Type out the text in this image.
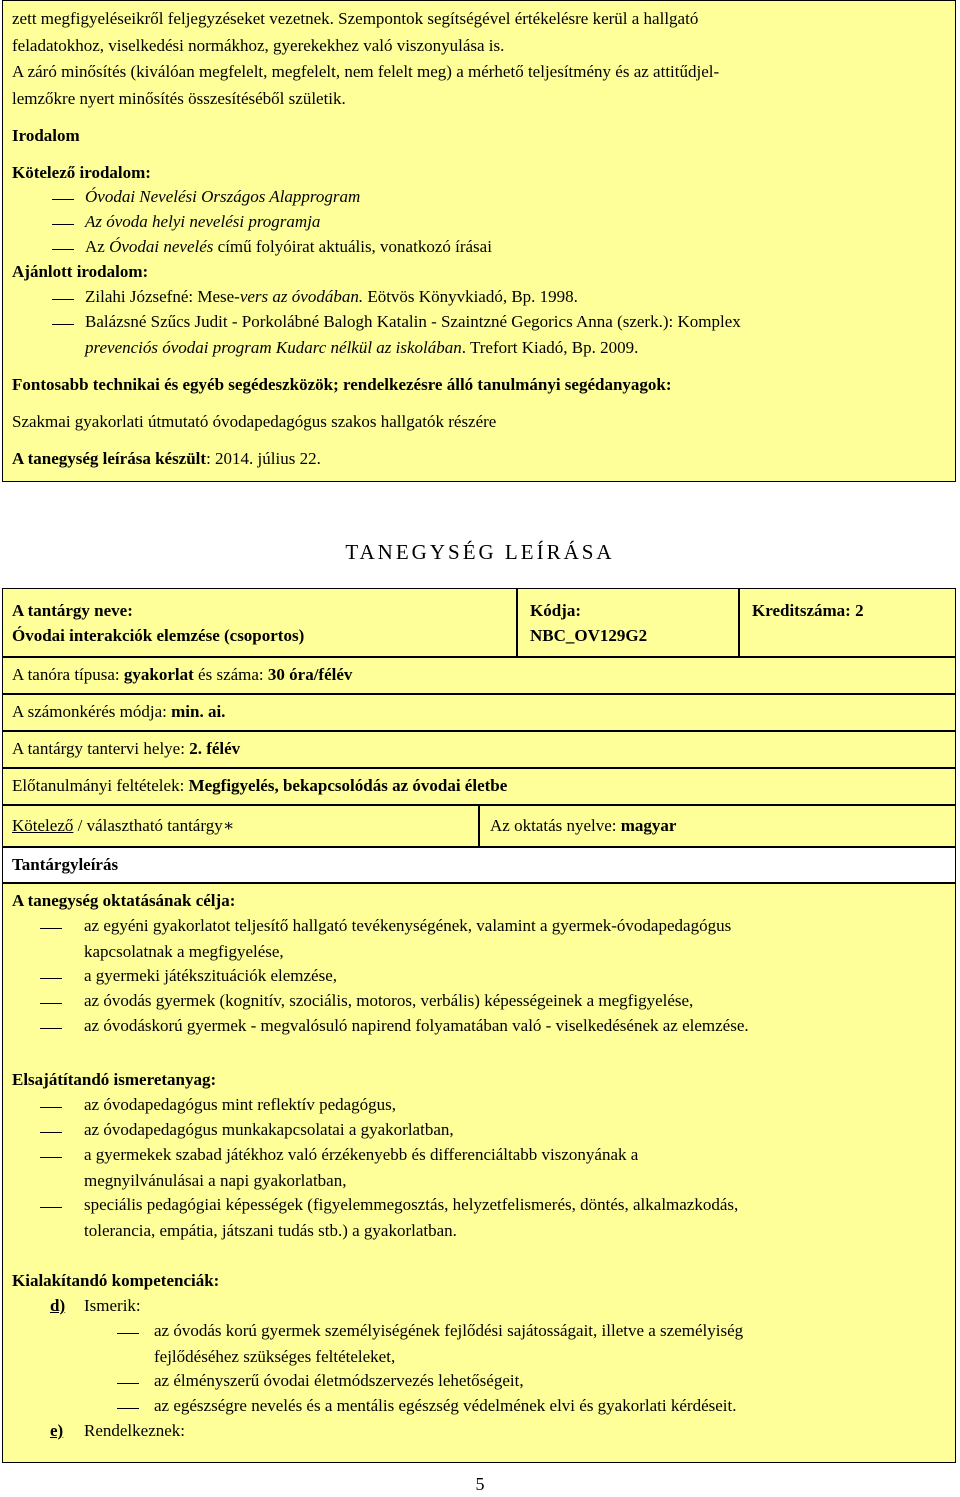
zett megfigyeléseikről feljegyzéseket vezetnek. Szempontok segítségével értékelésre kerül a hallgató
feladatokhoz, viselkedési normákhoz, gyerekekhez való viszonyulása is.
A záró minősítés (kiválóan megfelelt, megfelelt, nem felelt meg) a mérhető teljesítmény és az attitűdjel-
lemzőkre nyert minősítés összesítéséből születik.
Irodalom
Kötelező irodalom:
Óvodai Nevelési Országos Alapprogram
Az óvoda helyi nevelési programja
Az Óvodai nevelés című folyóirat aktuális, vonatkozó írásai
Ajánlott irodalom:
Zilahi Józsefné: Mese-vers az óvodában. Eötvös Könyvkiadó, Bp. 1998.
Balázsné Szűcs Judit - Porkolábné Balogh Katalin - Szaintzné Gegorics Anna (szerk.): Komplex
prevenciós óvodai program Kudarc nélkül az iskolában. Trefort Kiadó, Bp. 2009.
Fontosabb technikai és egyéb segédeszközök; rendelkezésre álló tanulmányi segédanyagok:
Szakmai gyakorlati útmutató óvodapedagógus szakos hallgatók részére
A tanegység leírása készült: 2014. július 22.
TANEGYSÉG LEÍRÁSA
A tantárgy neve:
Óvodai interakciók elemzése (csoportos)
Kódja:
NBC_OV129G2
Kreditszáma: 2
A tanóra típusa: gyakorlat és száma: 30 óra/félév
A számonkérés módja: min. ai.
A tantárgy tantervi helye: 2. félév
Előtanulmányi feltételek: Megfigyelés, bekapcsolódás az óvodai életbe
Kötelező / választható tantárgy∗	Az oktatás nyelve: magyar
Tantárgyleírás
A tanegység oktatásának célja:
az egyéni gyakorlatot teljesítő hallgató tevékenységének, valamint a gyermek-óvodapedagógus
kapcsolatnak a megfigyelése,
a gyermeki játékszituációk elemzése,
az óvodás gyermek (kognitív, szociális, motoros, verbális) képességeinek a megfigyelése,
az óvodáskorú gyermek - megvalósuló napirend folyamatában való - viselkedésének az elemzése.
Elsajátítandó ismeretanyag:
az óvodapedagógus mint reflektív pedagógus,
az óvodapedagógus munkakapcsolatai a gyakorlatban,
a gyermekek szabad játékhoz való érzékenyebb és differenciáltabb viszonyának a
megnyilvánulásai a napi gyakorlatban,
speciális pedagógiai képességek (figyelemmegosztás, helyzetfelismerés, döntés, alkalmazkodás,
tolerancia, empátia, játszani tudás stb.) a gyakorlatban.
Kialakítandó kompetenciák:
d) Ismerik:
az óvodás korú gyermek személyiségének fejlődési sajátosságait, illetve a személyiség
fejlődéséhez szükséges feltételeket,
az élményszerű óvodai életmódszervezés lehetőségeit,
az egészségre nevelés és a mentális egészség védelmének elvi és gyakorlati kérdéseit.
e) Rendelkeznek:
5
